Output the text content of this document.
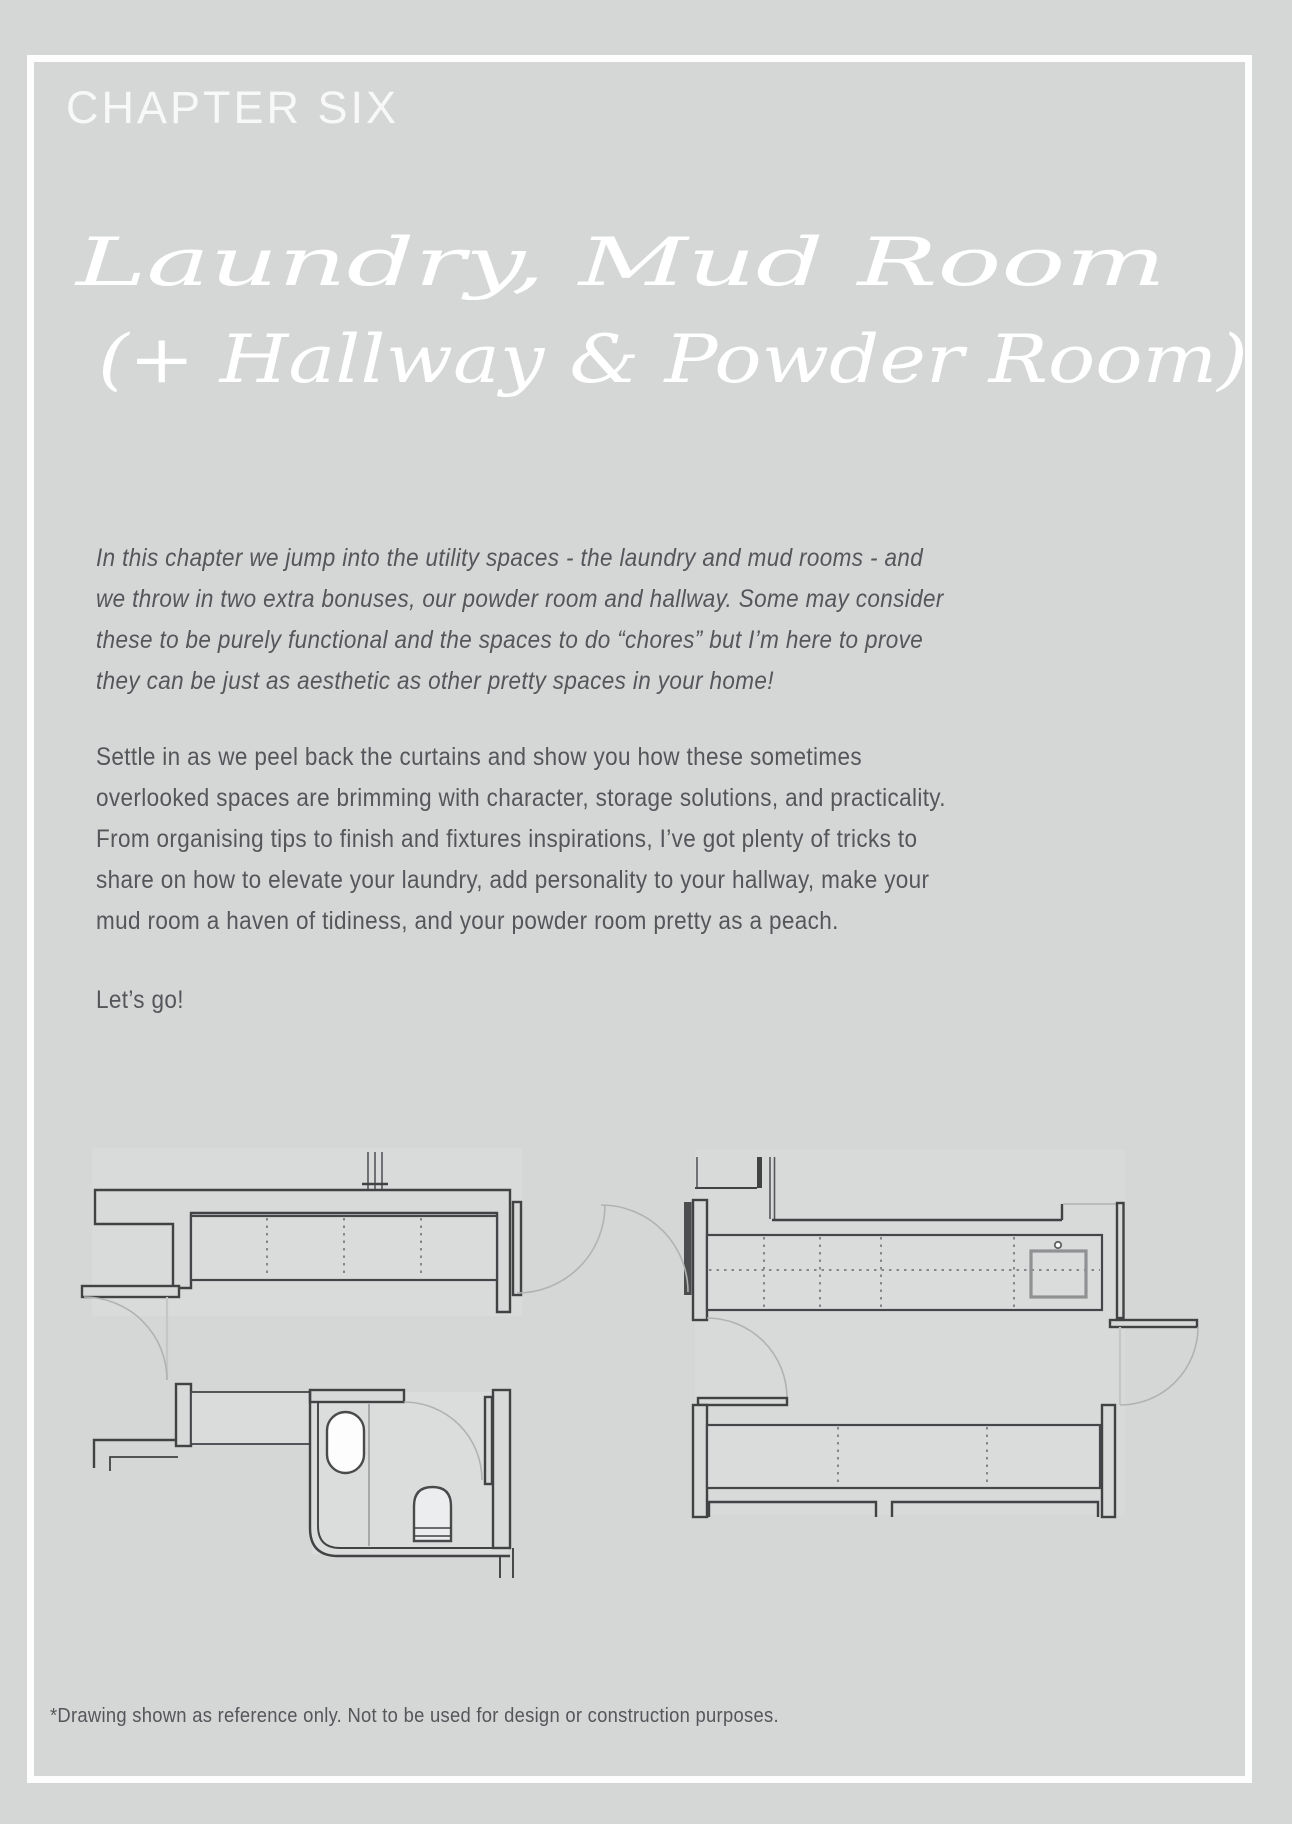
CHAPTER SIX
Laundry, Mud Room
(+ Hallway & Powder Room)
In this chapter we jump into the utility spaces - the laundry and mud rooms - and
we throw in two extra bonuses, our powder room and hallway. Some may consider
these to be purely functional and the spaces to do “chores” but I’m here to prove
they can be just as aesthetic as other pretty spaces in your home!
Settle in as we peel back the curtains and show you how these sometimes
overlooked spaces are brimming with character, storage solutions, and practicality.
From organising tips to finish and fixtures inspirations, I’ve got plenty of tricks to
share on how to elevate your laundry, add personality to your hallway, make your
mud room a haven of tidiness, and your powder room pretty as a peach.
Let’s go!
*Drawing shown as reference only. Not to be used for design or construction purposes.
